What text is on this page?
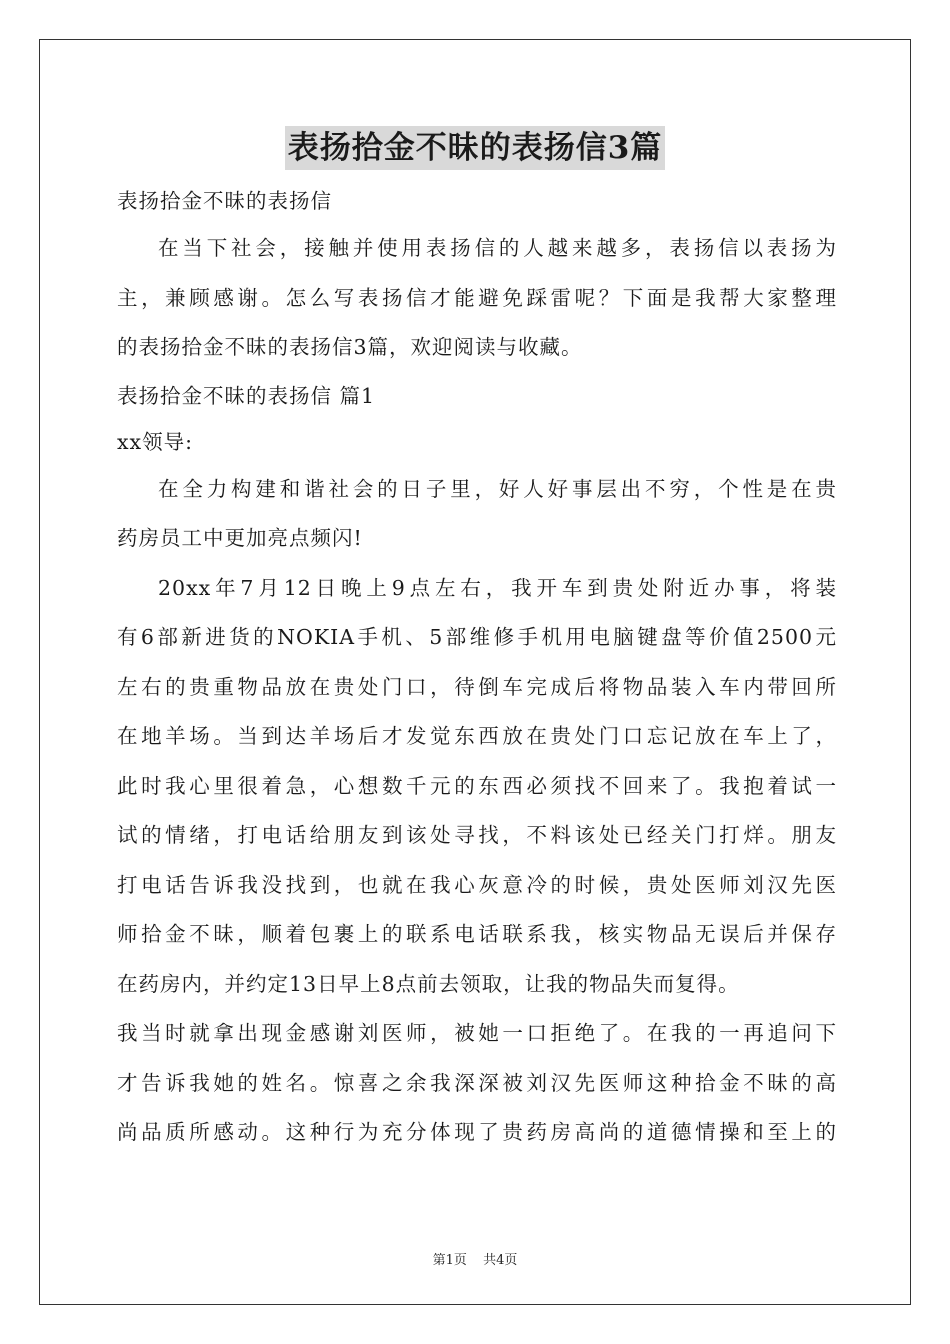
表扬拾金不昧的表扬信3篇
表扬拾金不昧的表扬信
在当下社会，接触并使用表扬信的人越来越多，表扬信以表扬为
主，兼顾感谢。怎么写表扬信才能避免踩雷呢？下面是我帮大家整理
的表扬拾金不昧的表扬信3篇，欢迎阅读与收藏。
表扬拾金不昧的表扬信 篇1
xx领导:
在全力构建和谐社会的日子里，好人好事层出不穷，个性是在贵
药房员工中更加亮点频闪!
20xx年7月12日晚上9点左右，我开车到贵处附近办事，将装
有6部新进货的NOKIA手机、5部维修手机用电脑键盘等价值2500元
左右的贵重物品放在贵处门口，待倒车完成后将物品装入车内带回所
在地羊场。当到达羊场后才发觉东西放在贵处门口忘记放在车上了，
此时我心里很着急，心想数千元的东西必须找不回来了。我抱着试一
试的情绪，打电话给朋友到该处寻找，不料该处已经关门打烊。朋友
打电话告诉我没找到，也就在我心灰意冷的时候，贵处医师刘汉先医
师拾金不昧，顺着包裹上的联系电话联系我，核实物品无误后并保存
在药房内，并约定13日早上8点前去领取，让我的物品失而复得。
我当时就拿出现金感谢刘医师，被她一口拒绝了。在我的一再追问下
才告诉我她的姓名。惊喜之余我深深被刘汉先医师这种拾金不昧的高
尚品质所感动。这种行为充分体现了贵药房高尚的道德情操和至上的
第1页 共4页
